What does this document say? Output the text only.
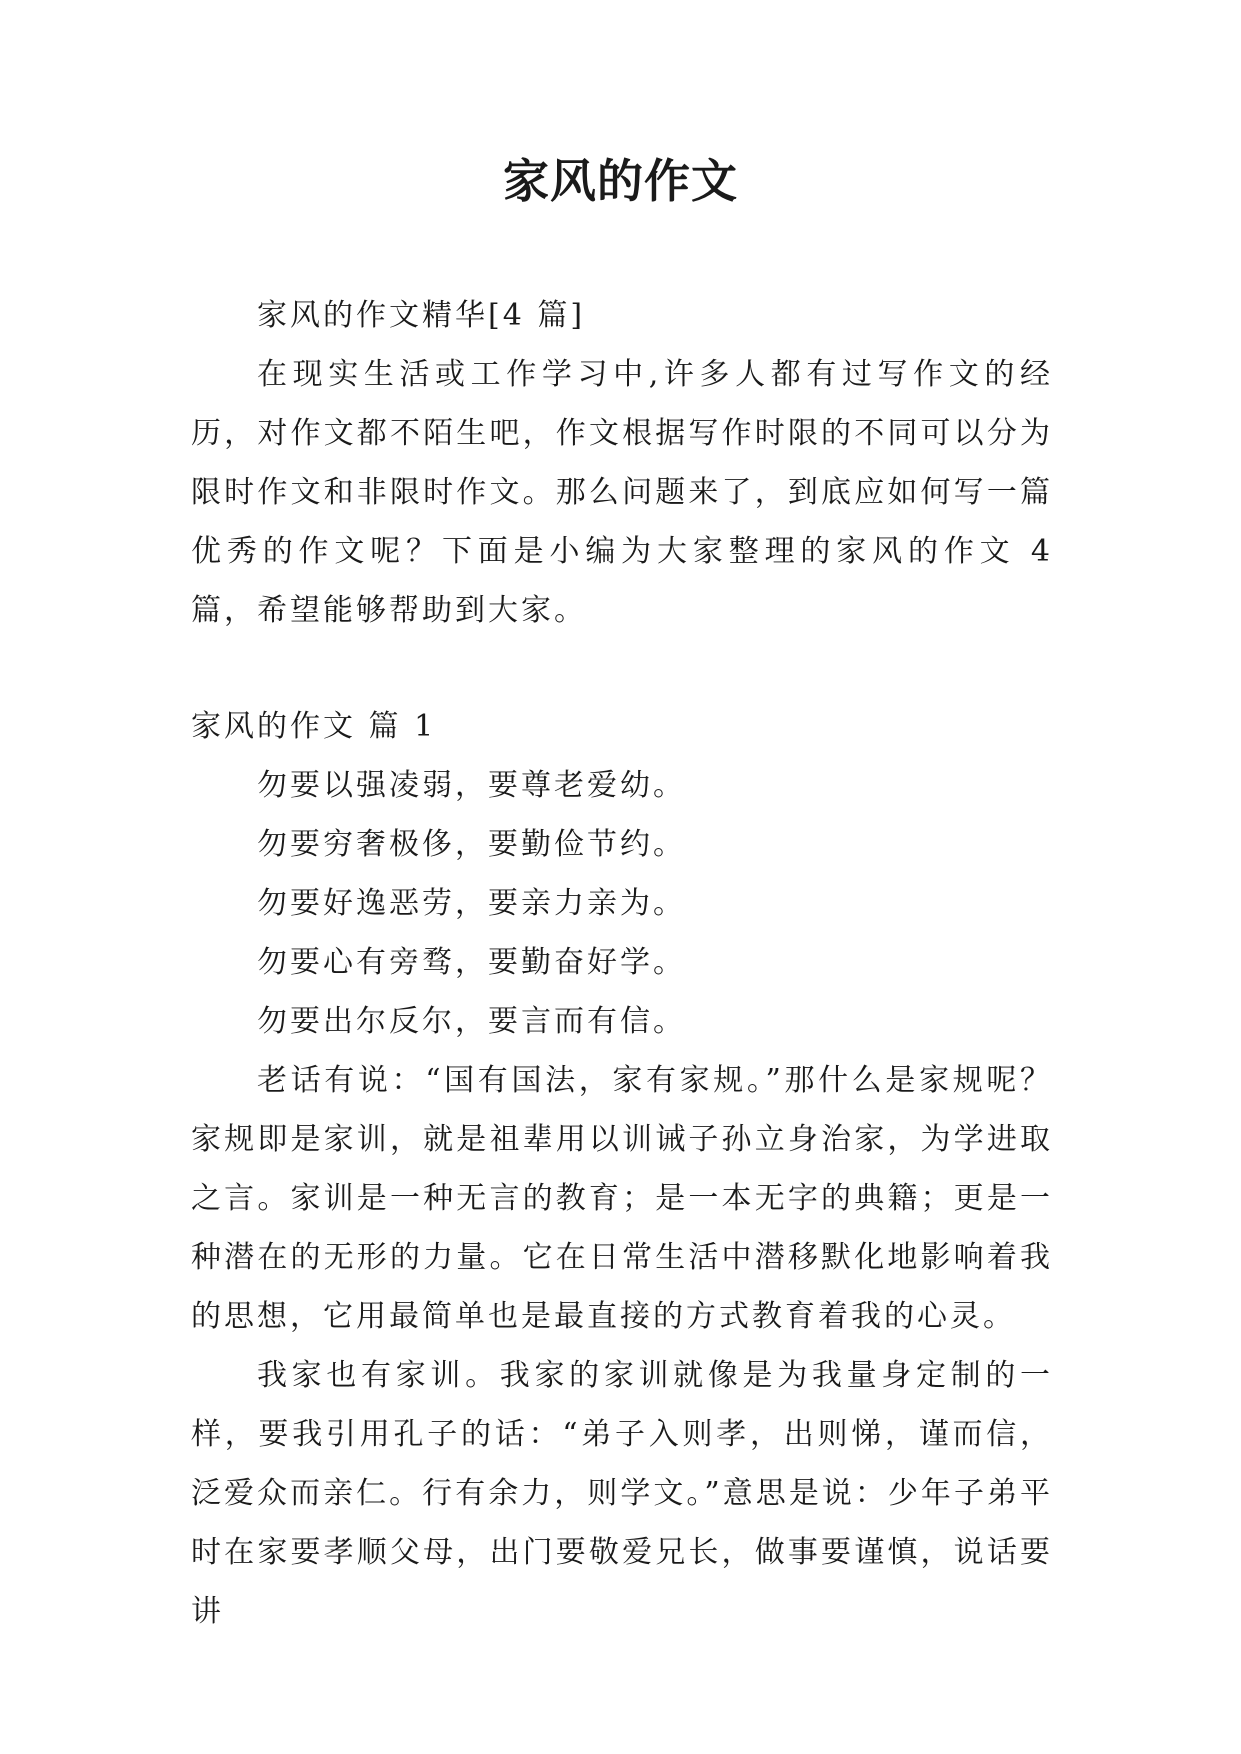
家风的作文

家风的作文精华[4 篇]

在现实生活或工作学习中,许多人都有过写作文的经历，对作文都不陌生吧，作文根据写作时限的不同可以分为限时作文和非限时作文。那么问题来了，到底应如何写一篇优秀的作文呢？下面是小编为大家整理的家风的作文 4 篇，希望能够帮助到大家。

家风的作文 篇 1

勿要以强凌弱，要尊老爱幼。

勿要穷奢极侈，要勤俭节约。

勿要好逸恶劳，要亲力亲为。

勿要心有旁骛，要勤奋好学。

勿要出尔反尔，要言而有信。

老话有说：“国有国法，家有家规。”那什么是家规呢？家规即是家训，就是祖辈用以训诫子孙立身治家，为学进取之言。家训是一种无言的教育；是一本无字的典籍；更是一种潜在的无形的力量。它在日常生活中潜移默化地影响着我的思想，它用最简单也是最直接的方式教育着我的心灵。

我家也有家训。我家的家训就像是为我量身定制的一样，要我引用孔子的话：“弟子入则孝，出则悌，谨而信，泛爱众而亲仁。行有余力，则学文。”意思是说：少年子弟平时在家要孝顺父母，出门要敬爱兄长，做事要谨慎，说话要讲
